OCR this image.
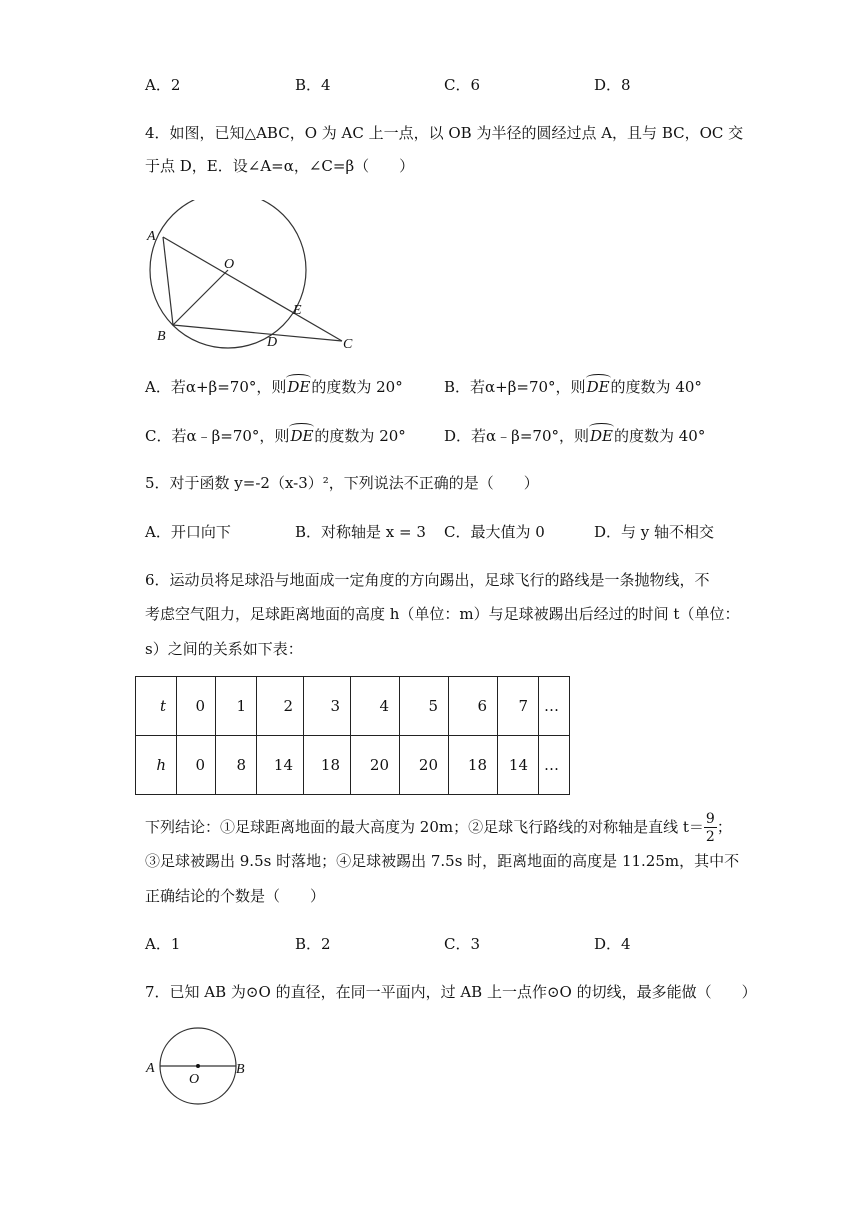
A．2	B．4	C．6	D．8
4．如图，已知△ABC，O 为 AC 上一点，以 OB 为半径的圆经过点 A，且与 BC，OC 交
于点 D，E．设∠A=α，∠C=β（　　）
A
O
E
B	D	C
A．若α+β=70°，则DE的度数为 20°	B．若α+β=70°，则DE的度数为 40°
C．若α﹣β=70°，则DE的度数为 20°	D．若α﹣β=70°，则DE的度数为 40°
5．对于函数 y=-2（x-3）²，下列说法不正确的是（　　）
A．开口向下	B．对称轴是 x = 3 C．最大值为 0	D．与 y 轴不相交
6．运动员将足球沿与地面成一定角度的方向踢出，足球飞行的路线是一条抛物线，不
考虑空气阻力，足球距离地面的高度 h（单位：m）与足球被踢出后经过的时间 t（单位：
s）之间的关系如下表：
t	0	1	2	3	4	5	6	7	…
h	0	8	14	18	20	20	18	14	…
下列结论：①足球距离地面的最大高度为 20m；②足球飞行路线的对称轴是直线 $t= \frac{9}{2}$ ；
③足球被踢出 9.5s 时落地；④足球被踢出 7.5s 时，距离地面的高度是 11.25m，其中不
正确结论的个数是（　　）
A．1	B．2	C．3	D．4
7．已知 AB 为⊙O 的直径，在同一平面内，过 AB 上一点作⊙O 的切线，最多能做（　　）
A
O
B
